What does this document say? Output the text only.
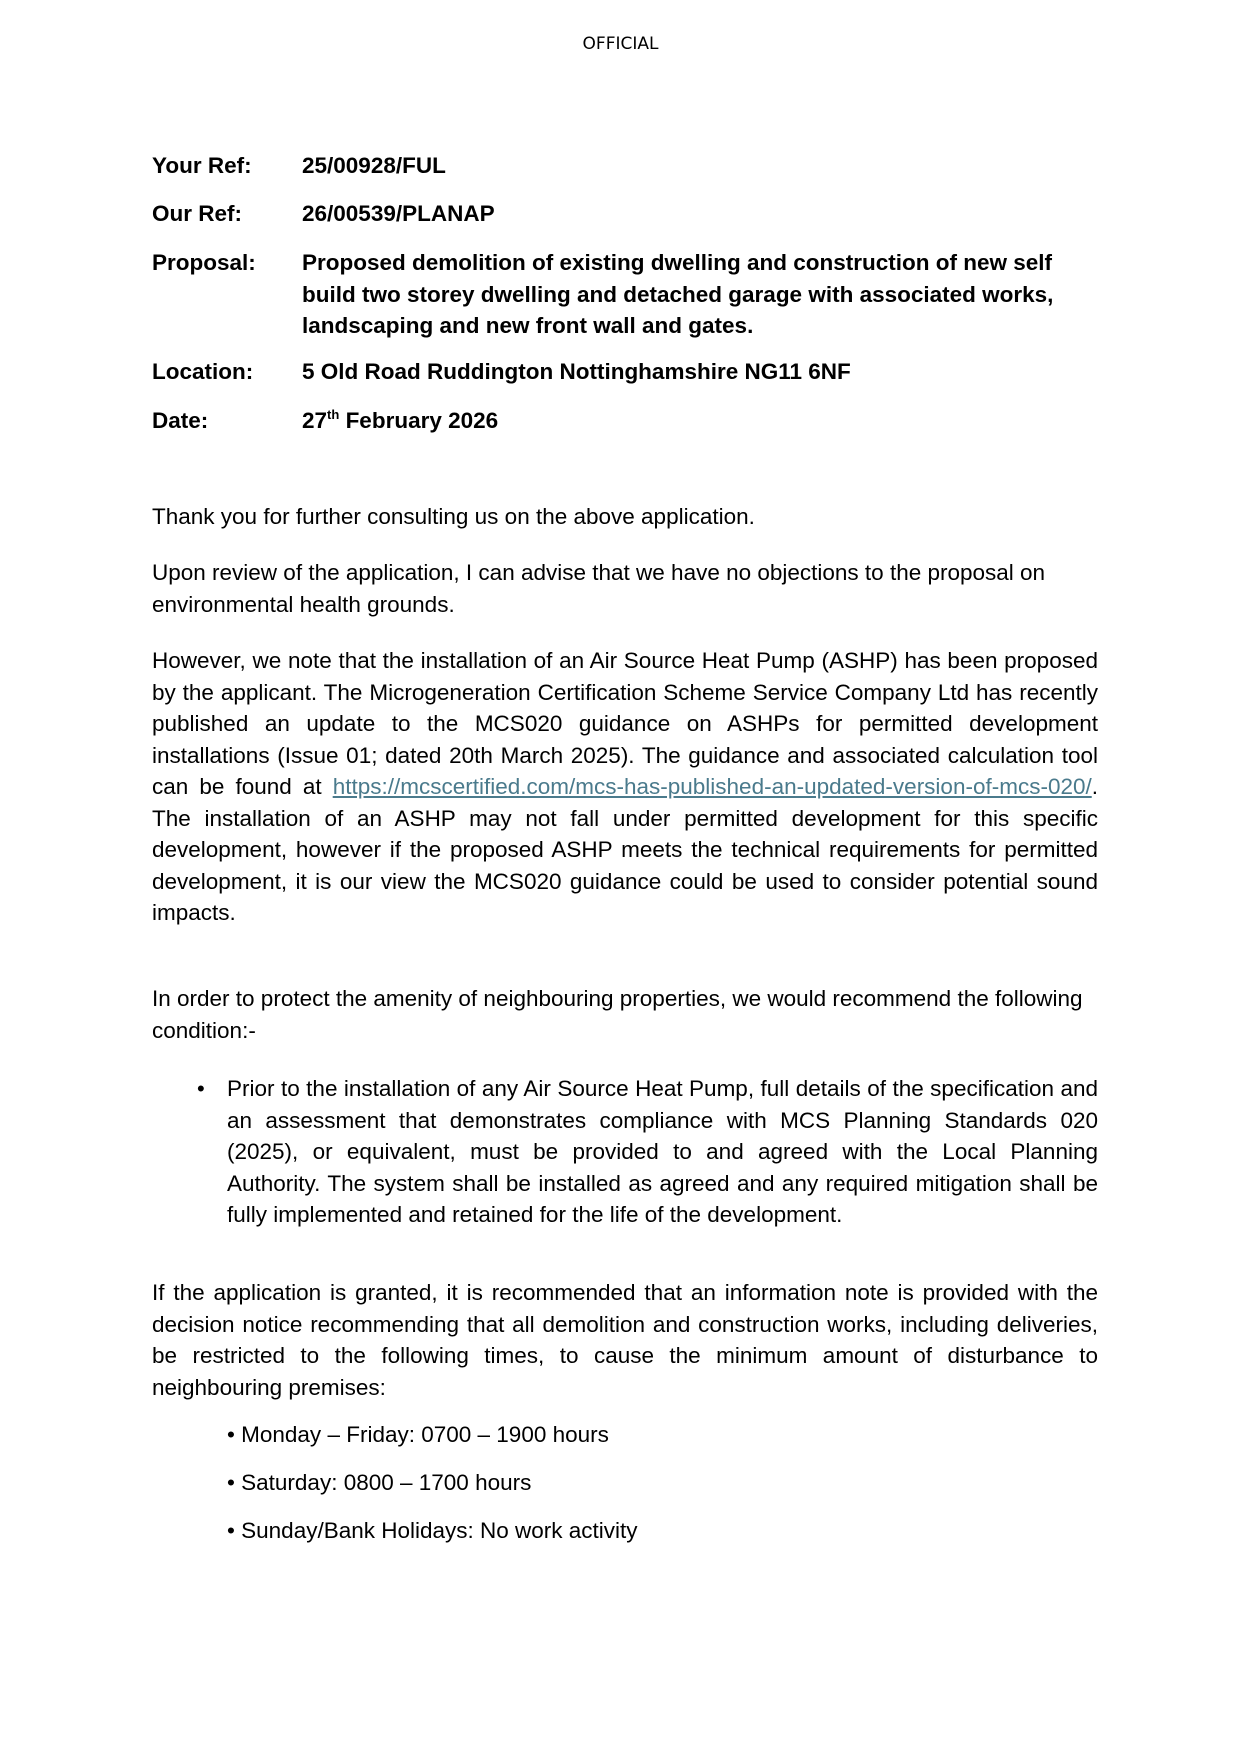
OFFICIAL
Your Ref: 25/00928/FUL
Our Ref:	26/00539/PLANAP
Proposal: Proposed demolition of existing dwelling and construction of new self build two storey dwelling and detached garage with associated works, landscaping and new front wall and gates.
Location: 5 Old Road Ruddington Nottinghamshire NG11 6NF
Date:	27th February 2026
Thank you for further consulting us on the above application.
Upon review of the application, I can advise that we have no objections to the proposal on environmental health grounds.
However, we note that the installation of an Air Source Heat Pump (ASHP) has been proposed by the applicant. The Microgeneration Certification Scheme Service Company Ltd has recently published an update to the MCS020 guidance on ASHPs for permitted development installations (Issue 01; dated 20th March 2025). The guidance and associated calculation tool can be found at https://mcscertified.com/mcs-has-published-an-updated-version-of-mcs-020/. The installation of an ASHP may not fall under permitted development for this specific development, however if the proposed ASHP meets the technical requirements for permitted development, it is our view the MCS020 guidance could be used to consider potential sound impacts.
In order to protect the amenity of neighbouring properties, we would recommend the following condition:-
• Prior to the installation of any Air Source Heat Pump, full details of the specification and an assessment that demonstrates compliance with MCS Planning Standards 020 (2025), or equivalent, must be provided to and agreed with the Local Planning Authority. The system shall be installed as agreed and any required mitigation shall be fully implemented and retained for the life of the development.
If the application is granted, it is recommended that an information note is provided with the decision notice recommending that all demolition and construction works, including deliveries, be restricted to the following times, to cause the minimum amount of disturbance to neighbouring premises:
• Monday – Friday: 0700 – 1900 hours
• Saturday: 0800 – 1700 hours
• Sunday/Bank Holidays: No work activity
